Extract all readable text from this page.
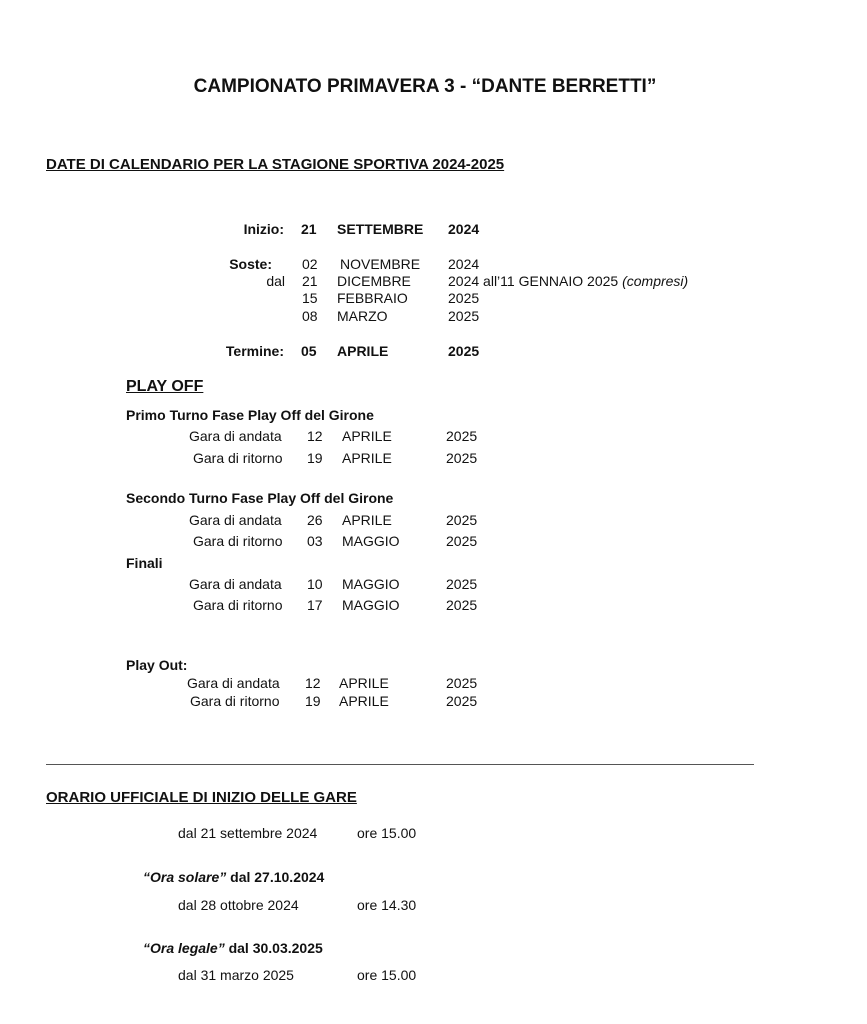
CAMPIONATO PRIMAVERA 3 - “DANTE BERRETTI”
DATE DI CALENDARIO PER LA STAGIONE SPORTIVA 2024-2025
Inizio: 21 SETTEMBRE 2024
Soste: 02 NOVEMBRE 2024
dal 21 DICEMBRE	2024 all’11 GENNAIO 2025 (compresi)
15 FEBBRAIO	2025
08 MARZO	2025
Termine: 05 APRILE	2025
PLAY OFF
Primo Turno Fase Play Off del Girone
Gara di andata 12 APRILE	2025
Gara di ritorno 19 APRILE	2025
Secondo Turno Fase Play Off del Girone
Gara di andata 26 APRILE	2025
Gara di ritorno 03 MAGGIO	2025
Finali
Gara di andata 10 MAGGIO	2025
Gara di ritorno 17 MAGGIO	2025
Play Out:
Gara di andata 12 APRILE	2025
Gara di ritorno 19 APRILE	2025
ORARIO UFFICIALE DI INIZIO DELLE GARE
dal 21 settembre 2024	ore 15.00
“Ora solare” dal 27.10.2024
dal 28 ottobre 2024	ore 14.30
“Ora legale” dal 30.03.2025
dal 31 marzo 2025	ore 15.00
